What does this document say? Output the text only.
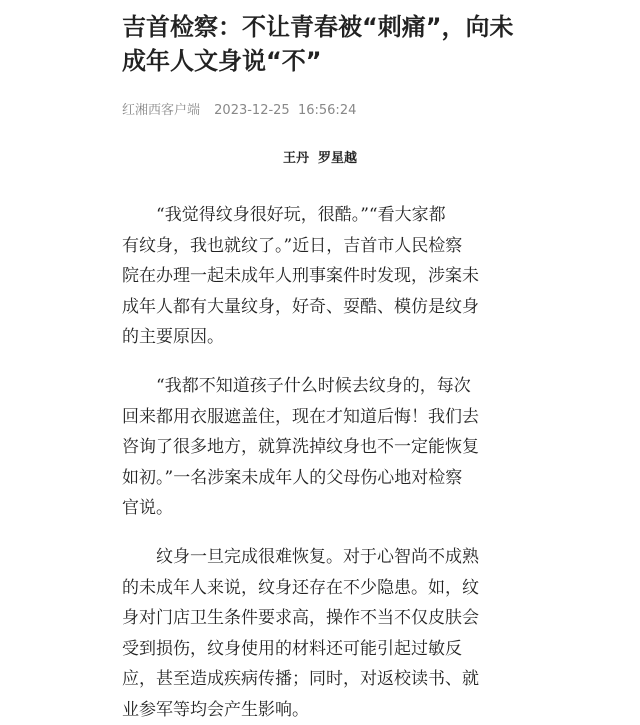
吉首检察：不让青春被“刺痛”，向未成年人文身说“不”
红湘西客户端 2023-12-25  16:56:24
王丹  罗星越
　　“我觉得纹身很好玩，很酷。”“看大家都
有纹身，我也就纹了。”近日，吉首市人民检察
院在办理一起未成年人刑事案件时发现，涉案未
成年人都有大量纹身，好奇、耍酷、模仿是纹身
的主要原因。
　　“我都不知道孩子什么时候去纹身的，每次
回来都用衣服遮盖住，现在才知道后悔！我们去
咨询了很多地方，就算洗掉纹身也不一定能恢复
如初。”一名涉案未成年人的父母伤心地对检察
官说。
　　纹身一旦完成很难恢复。对于心智尚不成熟
的未成年人来说，纹身还存在不少隐患。如，纹
身对门店卫生条件要求高，操作不当不仅皮肤会
受到损伤，纹身使用的材料还可能引起过敏反
应，甚至造成疾病传播；同时，对返校读书、就
业参军等均会产生影响。
